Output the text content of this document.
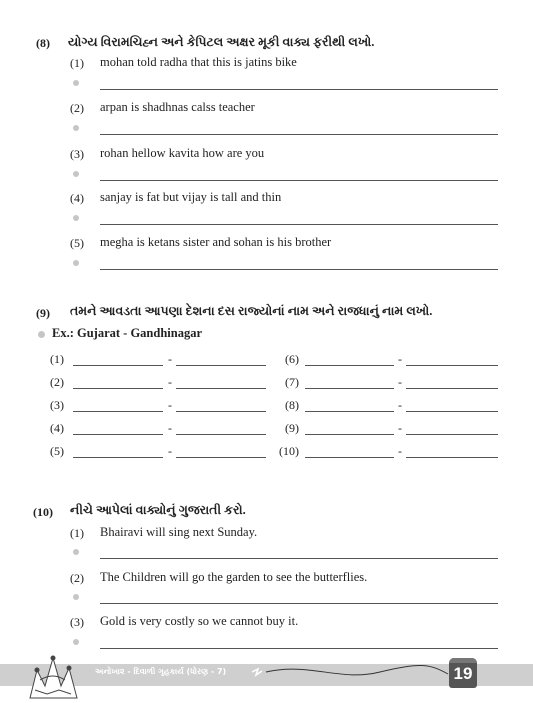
(8) યોગ્ય વિરામચિહ્ન અને કેપિટલ અક્ષર મૂકી વાક્ય ફરીથી લખો.
(1) mohan told radha that this is jatins bike
(2) arpan is shadhnas calss teacher
(3) rohan hellow kavita how are you
(4) sanjay is fat but vijay is tall and thin
(5) megha is ketans sister and sohan is his brother
(9) તમને આવડતા આપણા દેશના દસ રાજ્યોનાં નામ અને રાજધાનું નામ લખો.
Ex.: Gujarat - Gandhinagar
(1)	-
(2)	-
(3)	-
(4)	-
(5)	-
(6)	-
(7)	-
(8)	-
(9)	-
(10)	-
(10) નીચે આપેલાં વાક્યોનું ગુજરાતી કરો.
(1) Bhairavi will sing next Sunday.
(2) The Children will go the garden to see the butterflies.
(3) Gold is very costly so we cannot buy it.
અનોખા૨ - દિવાળી ગૃહકાર્ય (ધોરણ - 7)	19
